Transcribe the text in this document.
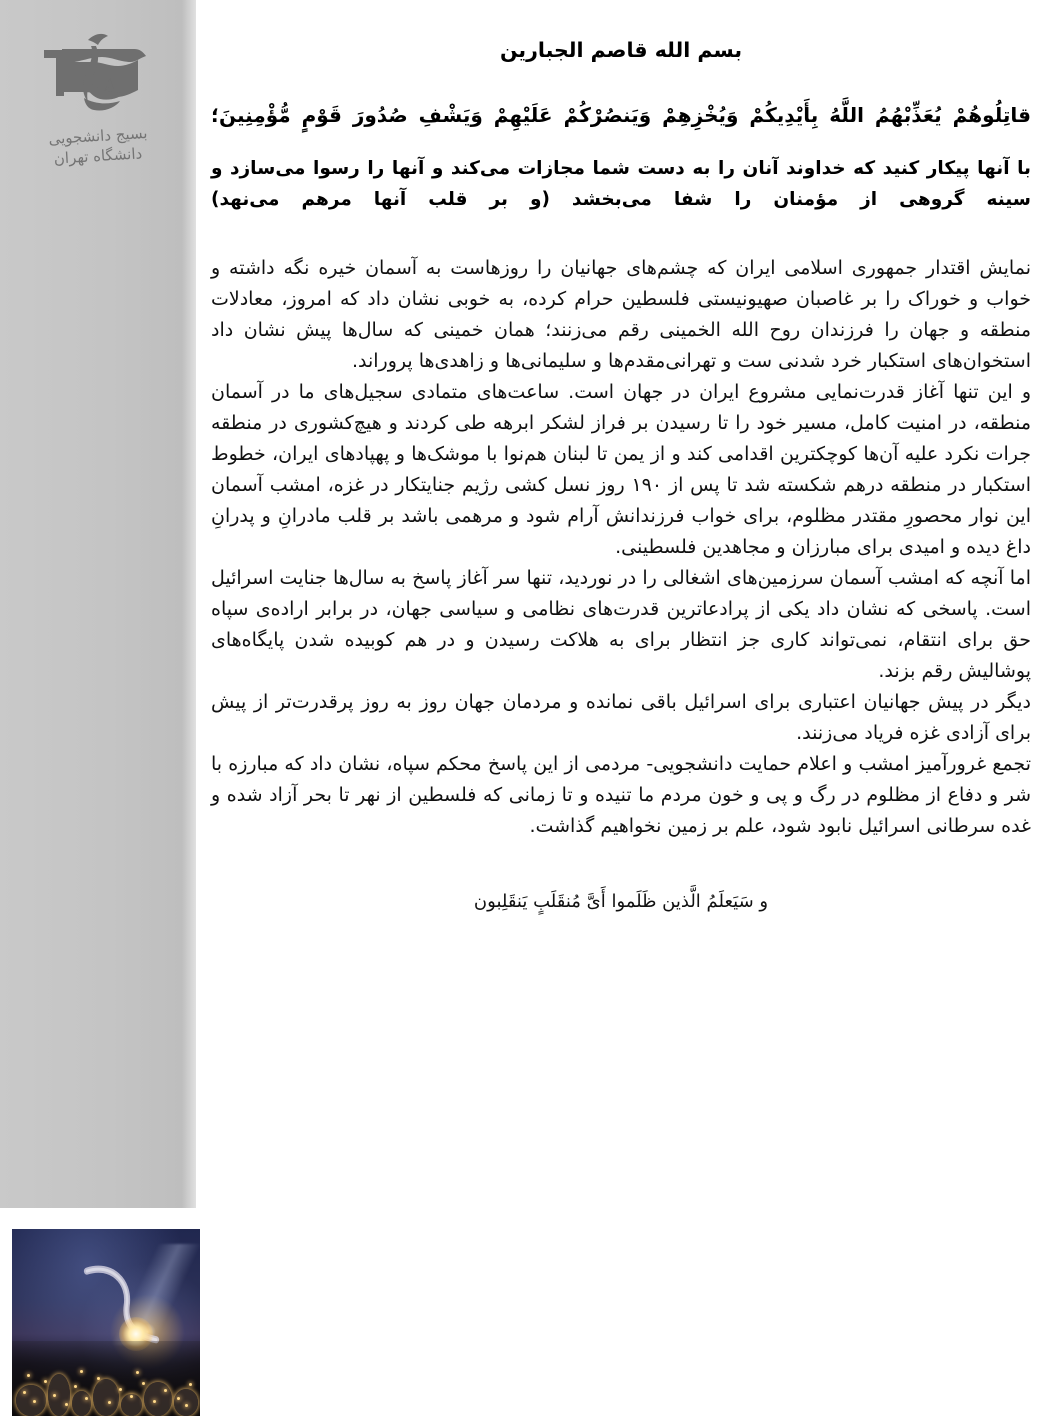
بسیج دانشجویی
دانشگاه تهران
بسم الله قاصم الجبارين

قاتِلُوهُمْ يُعَذِّبْهُمُ اللَّهُ بِأَيْدِيكُمْ وَيُخْزِهِمْ وَيَنصُرْكُمْ عَلَيْهِمْ وَيَشْفِ صُدُورَ قَوْمٍ مُّؤْمِنِينَ؛

با آنها پیکار کنید که خداوند آنان را به دست شما مجازات می‌کند و آنها را رسوا می‌سازد و سینه گروهی از مؤمنان را شفا می‌بخشد (و بر قلب آنها مرهم می‌نهد)

نمایش اقتدار جمهوری اسلامی ایران که چشم‌های جهانیان را روزهاست به آسمان خیره نگه داشته و خواب و خوراک را بر غاصبان صهیونیستی فلسطین حرام کرده، به خوبی نشان داد که امروز، معادلات منطقه و جهان را فرزندان روح الله الخمینی رقم می‌زنند؛ همان خمینی که سال‌ها پیش نشان داد استخوان‌های استکبار خرد شدنی ست و تهرانی‌مقدم‌ها و سلیمانی‌ها و زاهدی‌ها پروراند.

و این تنها آغاز قدرت‌نمایی مشروع ایران در جهان است. ساعت‌های متمادی سجیل‌های ما در آسمان منطقه، در امنیت کامل، مسیر خود را تا رسیدن بر فراز لشکر ابرهه طی کردند و هیچ‌کشوری در منطقه جرات نکرد علیه آن‌ها کوچکترین اقدامی کند و از یمن تا لبنان هم‌نوا با موشک‌ها و پهپادهای ایران، خطوط استکبار در منطقه درهم شکسته شد تا پس از ۱۹۰ روز نسل کشی رژیم جنایتکار در غزه، امشب آسمان این نوار محصورِ مقتدر مظلوم، برای خواب فرزندانش آرام شود و مرهمی باشد بر قلب مادرانِ و پدرانِ داغ دیده و امیدی برای مبارزان و مجاهدین فلسطینی.

اما آنچه که امشب آسمان سرزمین‌های اشغالی را در نوردید، تنها سر آغاز پاسخ به سال‌ها جنایت اسرائیل است. پاسخی که نشان داد یکی از پرادعاترین قدرت‌های نظامی و سیاسی جهان، در برابر اراده‌ی سپاه حق برای انتقام، نمی‌تواند کاری جز انتظار برای به هلاکت رسیدن و در هم کوبیده شدن پایگاه‌های پوشالیش رقم بزند.

دیگر در پیش جهانیان اعتباری برای اسرائیل باقی نمانده و مردمان جهان روز به روز پرقدرت‌تر از پیش برای آزادی غزه فریاد می‌زنند.

تجمع غرورآمیز امشب و اعلام حمایت دانشجویی- مردمی از این پاسخ محکم سپاه، نشان داد که مبارزه با شر و دفاع از مظلوم در رگ و پی و خون مردم ما تنیده و تا زمانی که فلسطین از نهر تا بحر آزاد شده و غده سرطانی اسرائیل نابود شود، علم بر زمین نخواهیم گذاشت.

و سَيَعلَمُ الَّذين ظَلَموا أَىَّ مُنقَلَبٍ يَنقَلِبون
